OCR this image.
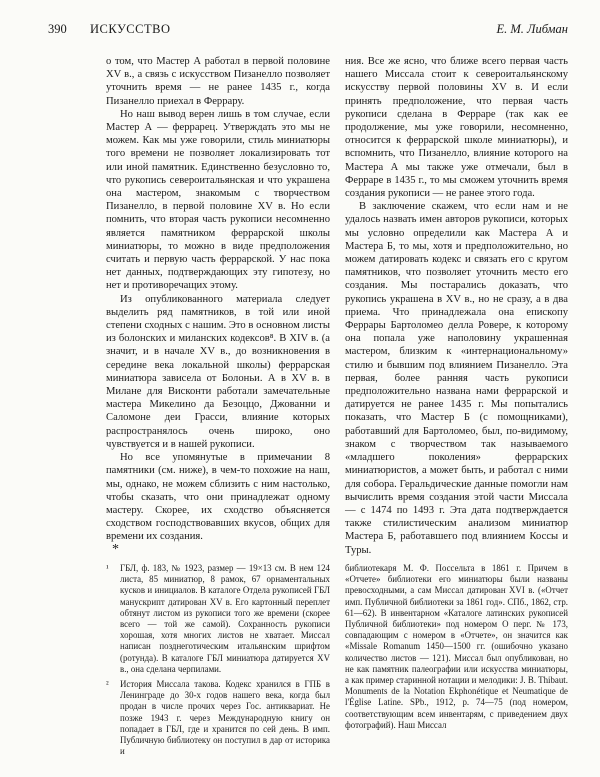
390 ИСКУССТВО	Е. М. Либман

о том, что Мастер А работал в первой половине XV в., а связь с искусством Пизанелло позволяет уточнить время — не ранее 1435 г., когда Пизанелло приехал в Феррару.

Но наш вывод верен лишь в том случае, если Мастер А — феррарец. Утверждать это мы не можем. Как мы уже говорили, стиль миниатюры того времени не позволяет локализировать тот или иной памятник. Единственно безусловно то, что рукопись североитальянская и что украшена она мастером, знакомым с творчеством Пизанелло, в первой половине XV в. Но если помнить, что вторая часть рукописи несомненно является памятником феррарской школы миниатюры, то можно в виде предположения считать и первую часть феррарской. У нас пока нет данных, подтверждающих эту гипотезу, но нет и противоречащих этому.

Из опубликованного материала следует выделить ряд памятников, в той или иной степени сходных с нашим. Это в основном листы из болонских и миланских кодексов⁸. В XIV в. (а значит, и в начале XV в., до возникновения в середине века локальной школы) феррарская миниатюра зависела от Болоньи. А в XV в. в Милане для Висконти работали замечательные мастера Микелино да Безоццо, Джованни и Саломоне деи Грасси, влияние которых распространялось очень широко, оно чувствуется и в нашей рукописи.

Но все упомянутые в примечании 8 памятники (см. ниже), в чем-то похожие на наш, мы, однако, не можем сблизить с ним настолько, чтобы сказать, что они принадлежат одному мастеру. Скорее, их сходство объясняется сходством господствовавших вкусов, общих для времени их создания.

ния. Все же ясно, что ближе всего первая часть нашего Миссала стоит к североитальянскому искусству первой половины XV в. И если принять предположение, что первая часть рукописи сделана в Ферраре (так как ее продолжение, мы уже говорили, несомненно, относится к феррарской школе миниатюры), и вспомнить, что Пизанелло, влияние которого на Мастера А мы также уже отмечали, был в Ферраре в 1435 г., то мы сможем уточнить время создания рукописи — не ранее этого года.

В заключение скажем, что если нам и не удалось назвать имен авторов рукописи, которых мы условно определили как Мастера А и Мастера Б, то мы, хотя и предположительно, но можем датировать кодекс и связать его с кругом памятников, что позволяет уточнить место его создания. Мы постарались доказать, что рукопись украшена в XV в., но не сразу, а в два приема. Что принадлежала она епископу Феррары Бартоломео делла Ровере, к которому она попала уже наполовину украшенная мастером, близким к «интернациональному» стилю и бывшим под влиянием Пизанелло. Эта первая, более ранняя часть рукописи предположительно названа нами феррарской и датируется не ранее 1435 г. Мы попытались показать, что Мастер Б (с помощниками), работавший для Бартоломео, был, по-видимому, знаком с творчеством так называемого «младшего поколения» феррарских миниатюристов, а может быть, и работал с ними для собора. Геральдические данные помогли нам вычислить время создания этой части Миссала — с 1474 по 1493 г. Эта дата подтверждается также стилистическим анализом миниатюр Мастера Б, работавшего под влиянием Коссы и Туры.

*

¹ ГБЛ, ф. 183, № 1923, размер — 19×13 см. В нем 124 листа, 85 миниатюр, 8 рамок, 67 орнаментальных кусков и инициалов. В каталоге Отдела рукописей ГБЛ манускрипт датирован XV в. Его картонный переплет обтянут листом из рукописи того же времени (скорее всего — той же самой). Сохранность рукописи хорошая, хотя многих листов не хватает. Миссал написан позднеготическим итальянским шрифтом (ротунда). В каталоге ГБЛ миниатюра датируется XV в., она сделана черпилами.

² История Миссала такова. Кодекс хранился в ГПБ в Ленинграде до 30-х годов нашего века, когда был продан в числе прочих через Гос. антиквариат. Не позже 1943 г. через Международную книгу он попадает в ГБЛ, где и хранится по сей день. В имп. Публичную библиотеку он поступил в дар от историка и

библиотекаря М. Ф. Поссельта в 1861 г. Причем в «Отчете» библиотеки его миниатюры были названы превосходными, а сам Миссал датирован XVI в. («Отчет имп. Публичной библиотеки за 1861 год». СПб., 1862, стр. 61—62). В инвентарном «Каталоге латинских рукописей Публичной библиотеки» под номером О перг. № 173, совпадающим с номером в «Отчете», он значится как «Missale Romanum 1450—1500 гг. (ошибочно указано количество листов — 121). Миссал был опубликован, но не как памятник палеографии или искусства миниатюры, а как пример старинной нотации и мелодики: J. B. Thibaut. Monuments de la Notation Ekphonétique et Neumatique de l'Église Latine. SPb., 1912, p. 74—75 (под номером, соответствующим всем инвентарям, с приведением двух фотографий). Наш Миссал
